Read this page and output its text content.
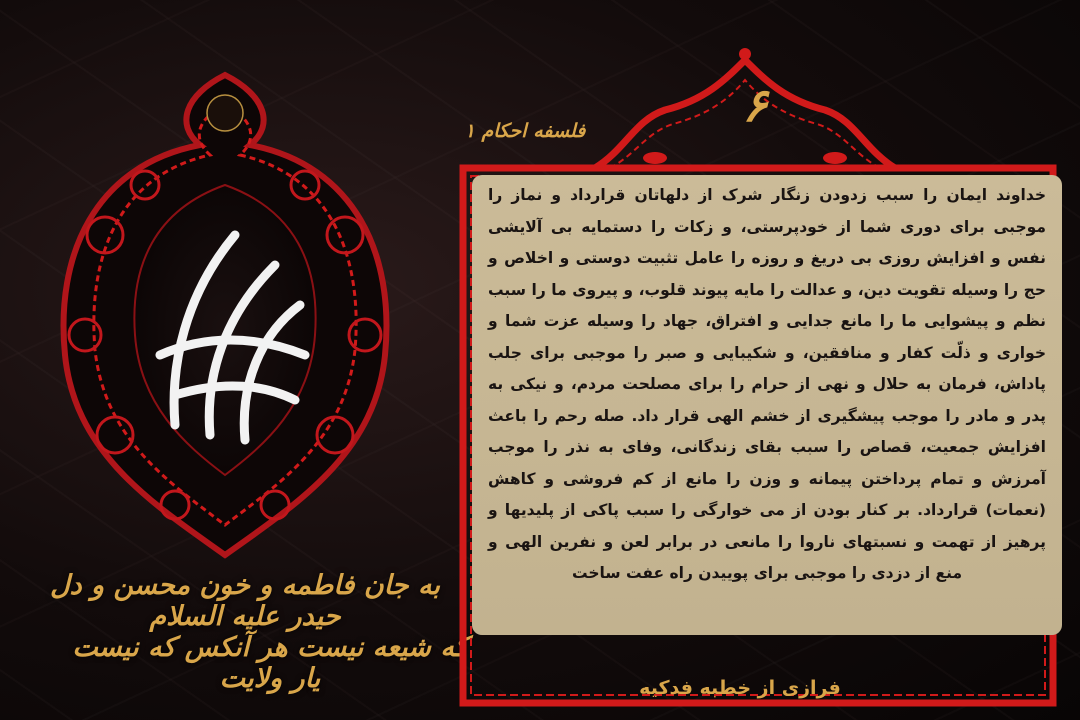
به جان فاطمه و خون محسن و دل حیدر علیه السلام
که شیعه نیست هر آنکس که نیست یار ولایت
خداوند ایمان را سبب زدودن زنگار شرک از دلهاتان قرارداد و نماز را موجبی برای دوری شما از خودپرستی، و زکات را دستمایه بی آلایشی نفس و افزایش روزی بی دریغ و روزه را عامل تثبیت دوستی و اخلاص و حج را وسیله تقویت دین، و عدالت را مایه پیوند قلوب، و پیروی ما را سبب نظم و پیشوایی ما را مانع جدایی و افتراق، جهاد را وسیله عزت شما و خواری و ذلّت کفار و منافقین، و شکیبایی و صبر را موجبی برای جلب پاداش، فرمان به حلال و نهی از حرام را برای مصلحت مردم، و نیکی به پدر و مادر را موجب پیشگیری از خشم الهی قرار داد. صله رحم را باعث افزایش جمعیت، قصاص را سبب بقای زندگانی، وفای به نذر را موجب آمرزش و تمام پرداختن پیمانه و وزن را مانع از کم فروشی و کاهش (نعمات) قرارداد. بر کنار بودن از می خوارگی را سبب پاکی از پلیدیها و پرهیز از تهمت و نسبتهای ناروا را مانعی در برابر لعن و نفرین الهی و منع از دزدی را موجبی برای پوییدن راه عفت ساخت
۶
فلسفه احکام ۱
فرازی از خطبه فدکیه
